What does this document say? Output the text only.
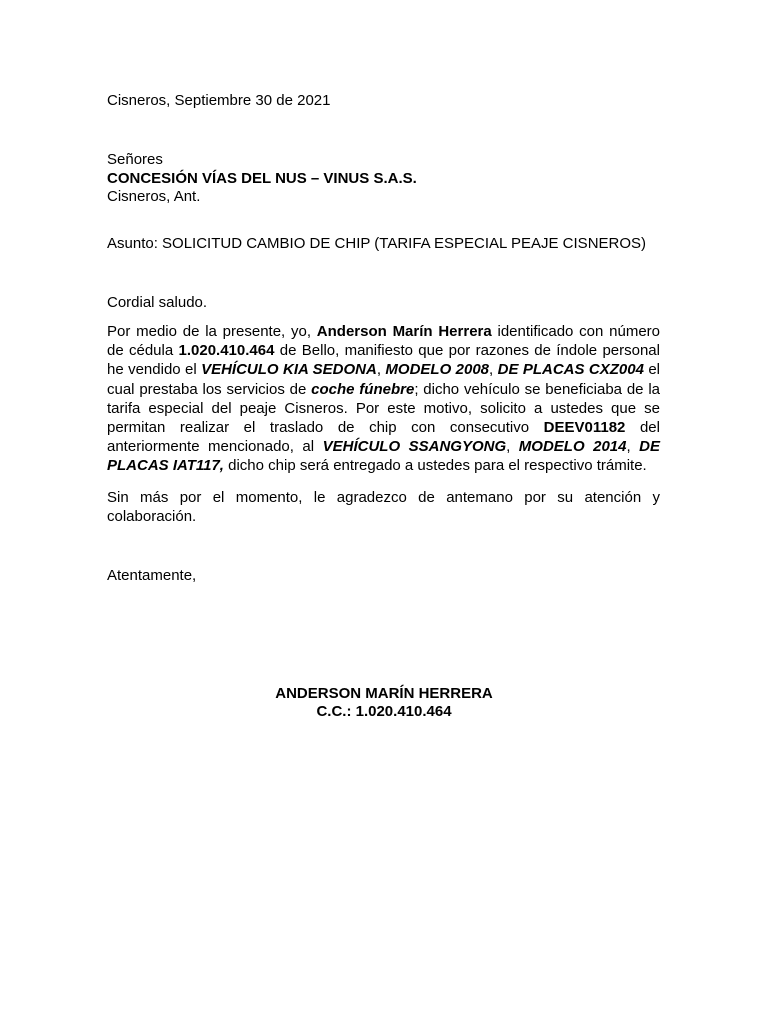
Cisneros, Septiembre 30 de 2021
Señores
CONCESIÓN VÍAS DEL NUS – VINUS S.A.S.
Cisneros, Ant.
Asunto: SOLICITUD CAMBIO DE CHIP (TARIFA ESPECIAL PEAJE CISNEROS)
Cordial saludo.
Por medio de la presente, yo, Anderson Marín Herrera identificado con número de cédula 1.020.410.464 de Bello, manifiesto que por razones de índole personal he vendido el VEHÍCULO KIA SEDONA, MODELO 2008, DE PLACAS CXZ004 el cual prestaba los servicios de coche fúnebre; dicho vehículo se beneficiaba de la tarifa especial del peaje Cisneros. Por este motivo, solicito a ustedes que se permitan realizar el traslado de chip con consecutivo DEEV01182 del anteriormente mencionado, al VEHÍCULO SSANGYONG, MODELO 2014, DE PLACAS IAT117, dicho chip será entregado a ustedes para el respectivo trámite.
Sin más por el momento, le agradezco de antemano por su atención y colaboración.
Atentamente,
ANDERSON MARÍN HERRERA
C.C.: 1.020.410.464
